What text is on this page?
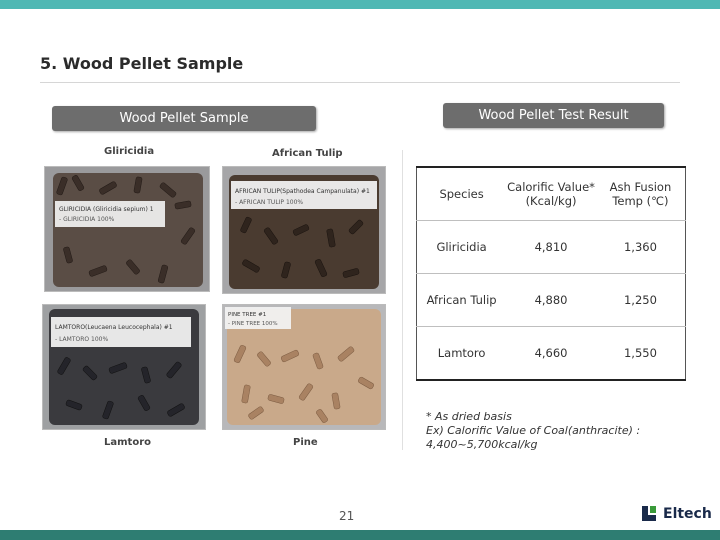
5. Wood Pellet Sample
Wood Pellet Sample	Wood Pellet Test Result
Gliricidia	African Tulip
Lamtoro	Pine
GLIRICIDIA (Gliricidia sepium) 1
- GLIRICIDIA 100%
AFRICAN TULIP(Spathodea Campanulata) #1
- AFRICAN TULIP 100%
LAMTORO(Leucaena Leucocephala) #1
- LAMTORO 100%
PINE TREE #1
- PINE TREE 100%
Species	Calorific Value* (Kcal/kg)	Ash Fusion Temp (℃)
Gliricidia	4,810	1,360
African Tulip	4,880	1,250
Lamtoro	4,660	1,550
* As dried basis
Ex) Calorific Value of Coal(anthracite) : 4,400~5,700kcal/kg
21	Eltech
